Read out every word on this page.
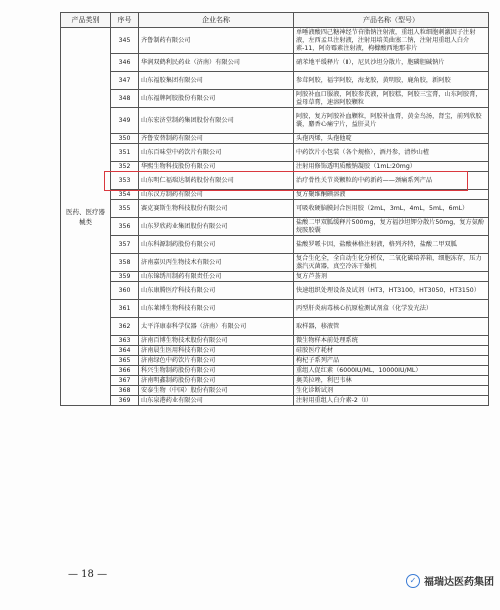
产品类别	序号	企业名称	产品名称（型号）
医药、医疗器械类	345	齐鲁制药有限公司	单唾液酸四己糖神经节苷脂钠注射液，重组人粒细胞刺激因子注射液，左西孟旦注射液，注射用培美曲塞二钠，注射用重组人白介素-11，阿奇霉素注射液，枸橼酸西地那非片
	346	华润双鹤利民药业（济南）有限公司	硝苯地平缓释片（Ⅱ），尼贝沙坦分散片，胞磷胆碱钠片
	347	山东福胶集团有限公司	参茸阿胶，福字阿胶，海龙胶，黄明胶，鹿角胶，新阿胶
	348	山东福牌阿胶股份有限公司	阿胶补血口服液，阿胶参芪液，阿胶糕，阿胶三宝膏，山东阿胶膏，益母草膏，速溶阿胶颗粒
	349	山东宏济堂制药集团股份有限公司	阿胶，复方阿胶补血颗粒，阿胶补血膏，黄金鸟汤，肾宝，前列欣胶囊，麝香心痛宁片，益肝灵片
	350	齐鲁安替制药有限公司	头孢丙烯，头孢他啶
	351	山东百味堂中药饮片有限公司	中药饮片小包装（各个规格），酒丹参，清炒山楂
	352	华熙生物科技股份有限公司	注射用修饰透明质酸钠凝胶（1mL:20mg）
	353	山东明仁福瑞达制药股份有限公司	治疗骨性关节炎颗粒的中药新药——颈痛系列产品
	354	山东汉方制药有限公司	复方聚维酮碘溶液
	355	赛克赛斯生物科技股份有限公司	可吸收硬脑膜封合医用胶（2mL，3mL，4mL，5mL，6mL）
	356	山东罗欣药业集团股份有限公司	盐酸二甲双胍缓释片500mg，复方福沙坦钾分散片50mg，复方氨酚烷胺胶囊
	357	山东科源制药股份有限公司	盐酸罗哌卡因，盐酸林格注射液，格列齐特，盐酸二甲双胍
	358	济南嘉贝丙生物技术有限公司	复合生化全，全自动生化分析仪，二氧化碳培养箱，细胞冻存，压力蒸汽灭菌器，真空冷冻干燥机
	359	山东锦绣川制药有限责任公司	复方芦荟剂
	360	山东康腾医疗科技有限公司	快速组织处理设备及试剂（HT3，HT3100，HT3050，HT3150）
	361	山东莱博生物科技有限公司	丙型肝炎病毒核心抗原检测试剂盒（化学发光法）
	362	太平洋康泰科学仪器（济南）有限公司	取样器，移液管
	363	济南百博生物技术股份有限公司	微生物样本前处理系统
	364	济南晨生医用科技有限公司	硅胶医疗耗材
	365	济南绿色中药饮片有限公司	枸杞子系列产品
	366	科兴生物制药股份有限公司	重组人促红素（6000IU/ML，10000IU/ML）
	367	济南明鑫制药股份有限公司	奥美拉唑，利巴韦林
	368	安泰生物（中国）股份有限公司	生化诊断试剂
	369	山东泉港药业有限公司	注射用重组人白介素-2（Ⅰ）
— 18 —
✓ 福瑞达医药集团
